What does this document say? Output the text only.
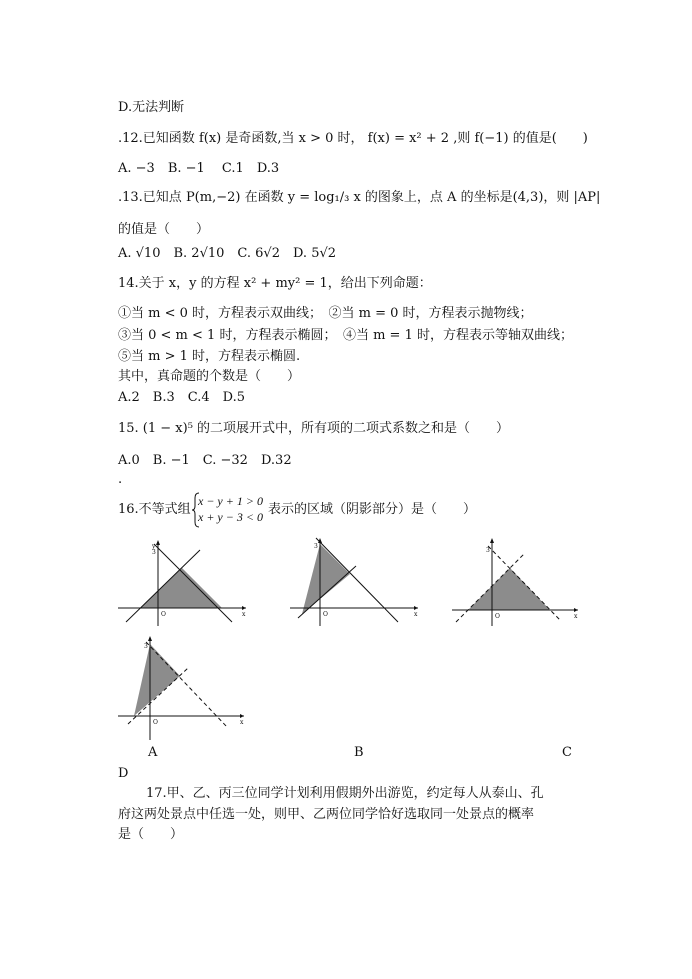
D.无法判断
.12.已知函数 f(x) 是奇函数,当 x > 0 时， f(x) = x² + 2 ,则 f(−1) 的值是(　　)
A. −3　B. −1　 C.1　D.3
.13.已知点 P(m,−2) 在函数 y = log₁/₃ x 的图象上，点 A 的坐标是(4,3)，则 |AP|
的值是（　　）
A. √10　B. 2√10　C. 6√2　D. 5√2
14.关于 x，y 的方程 x² + my² = 1，给出下列命题：
①当 m < 0 时，方程表示双曲线；　②当 m = 0 时，方程表示抛物线；
③当 0 < m < 1 时，方程表示椭圆；　④当 m = 1 时，方程表示等轴双曲线；
⑤当 m > 1 时，方程表示椭圆.
其中，真命题的个数是（　　）
A.2　B.3　C.4　D.5
15. (1 − x)⁵ 的二项展开式中，所有项的二项式系数之和是（　　）
A.0　B. −1　C. −32　D.32
.
16.不等式组
x − y + 1 > 0
x + y − 3 < 0 表示的区域（阴影部分）是（　　）
y
x
O
3
3
O	x
3
O	x
3
O	x
A	B	C
D
17.甲、乙、丙三位同学计划利用假期外出游览，约定每人从泰山、孔
府这两处景点中任选一处，则甲、乙两位同学恰好选取同一处景点的概率
是（　　）
